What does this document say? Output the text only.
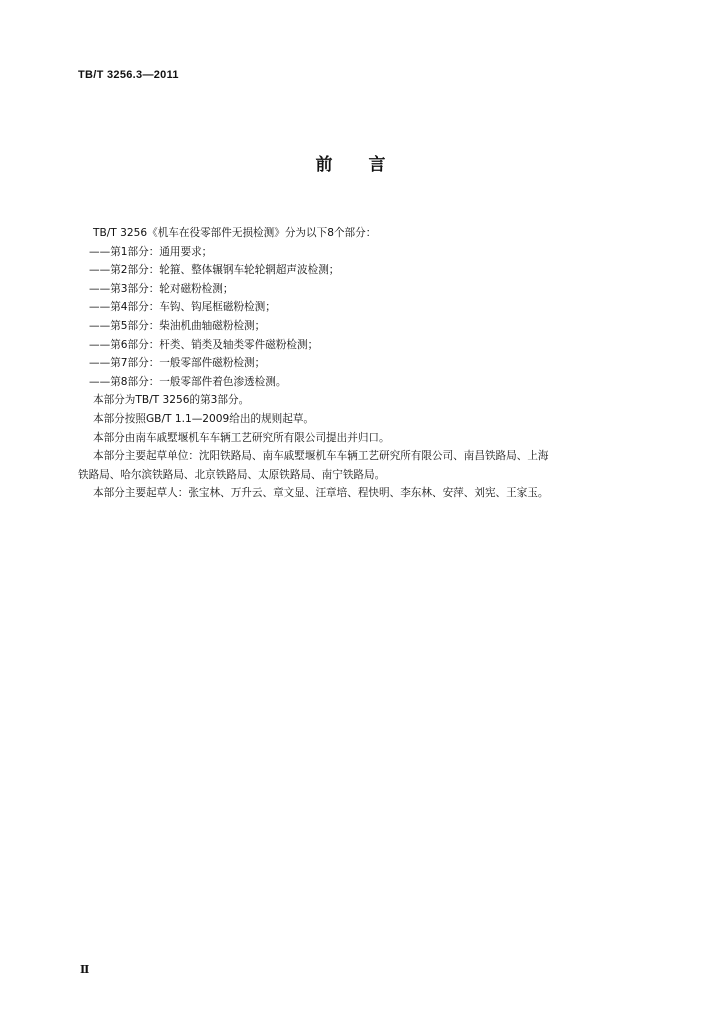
TB/T 3256.3—2011
前言
TB/T 3256《机车在役零部件无损检测》分为以下8个部分：
——第1部分：通用要求；
——第2部分：轮箍、整体辗钢车轮轮辋超声波检测；
——第3部分：轮对磁粉检测；
——第4部分：车钩、钩尾框磁粉检测；
——第5部分：柴油机曲轴磁粉检测；
——第6部分：杆类、销类及轴类零件磁粉检测；
——第7部分：一般零部件磁粉检测；
——第8部分：一般零部件着色渗透检测。
本部分为TB/T 3256的第3部分。
本部分按照GB/T 1.1—2009给出的规则起草。
本部分由南车戚墅堰机车车辆工艺研究所有限公司提出并归口。
本部分主要起草单位：沈阳铁路局、南车戚墅堰机车车辆工艺研究所有限公司、南昌铁路局、上海
铁路局、哈尔滨铁路局、北京铁路局、太原铁路局、南宁铁路局。
本部分主要起草人：张宝林、万升云、章文显、汪章培、程快明、李东林、安萍、刘宪、王家玉。
Ⅱ
